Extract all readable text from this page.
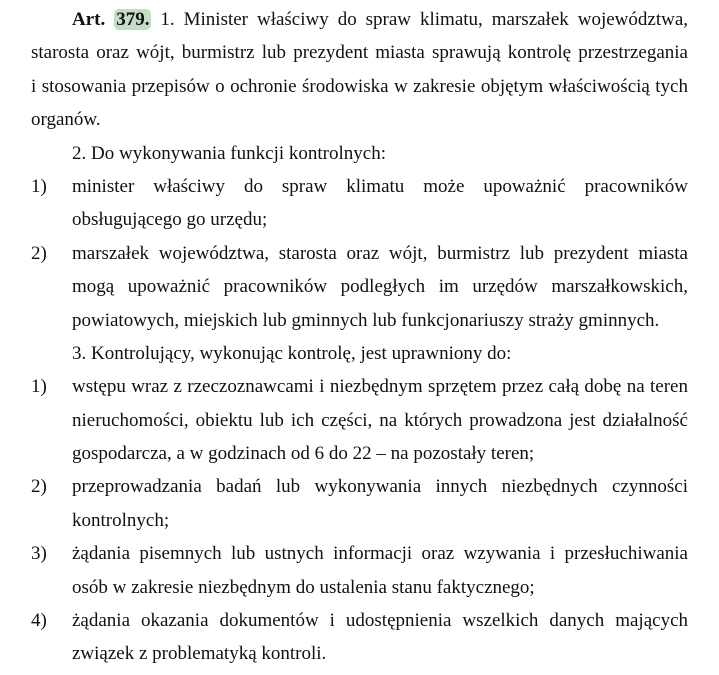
Art. 379. 1. Minister właściwy do spraw klimatu, marszałek województwa,
starosta oraz wójt, burmistrz lub prezydent miasta sprawują kontrolę przestrzegania
i stosowania przepisów o ochronie środowiska w zakresie objętym właściwością tych
organów.
2. Do wykonywania funkcji kontrolnych:
1) minister właściwy do spraw klimatu może upoważnić pracowników
obsługującego go urzędu;
2) marszałek województwa, starosta oraz wójt, burmistrz lub prezydent miasta
mogą upoważnić pracowników podległych im urzędów marszałkowskich,
powiatowych, miejskich lub gminnych lub funkcjonariuszy straży gminnych.
3. Kontrolujący, wykonując kontrolę, jest uprawniony do:
1) wstępu wraz z rzeczoznawcami i niezbędnym sprzętem przez całą dobę na teren
nieruchomości, obiektu lub ich części, na których prowadzona jest działalność
gospodarcza, a w godzinach od 6 do 22 – na pozostały teren;
2) przeprowadzania badań lub wykonywania innych niezbędnych czynności
kontrolnych;
3) żądania pisemnych lub ustnych informacji oraz wzywania i przesłuchiwania
osób w zakresie niezbędnym do ustalenia stanu faktycznego;
4) żądania okazania dokumentów i udostępnienia wszelkich danych mających
związek z problematyką kontroli.
